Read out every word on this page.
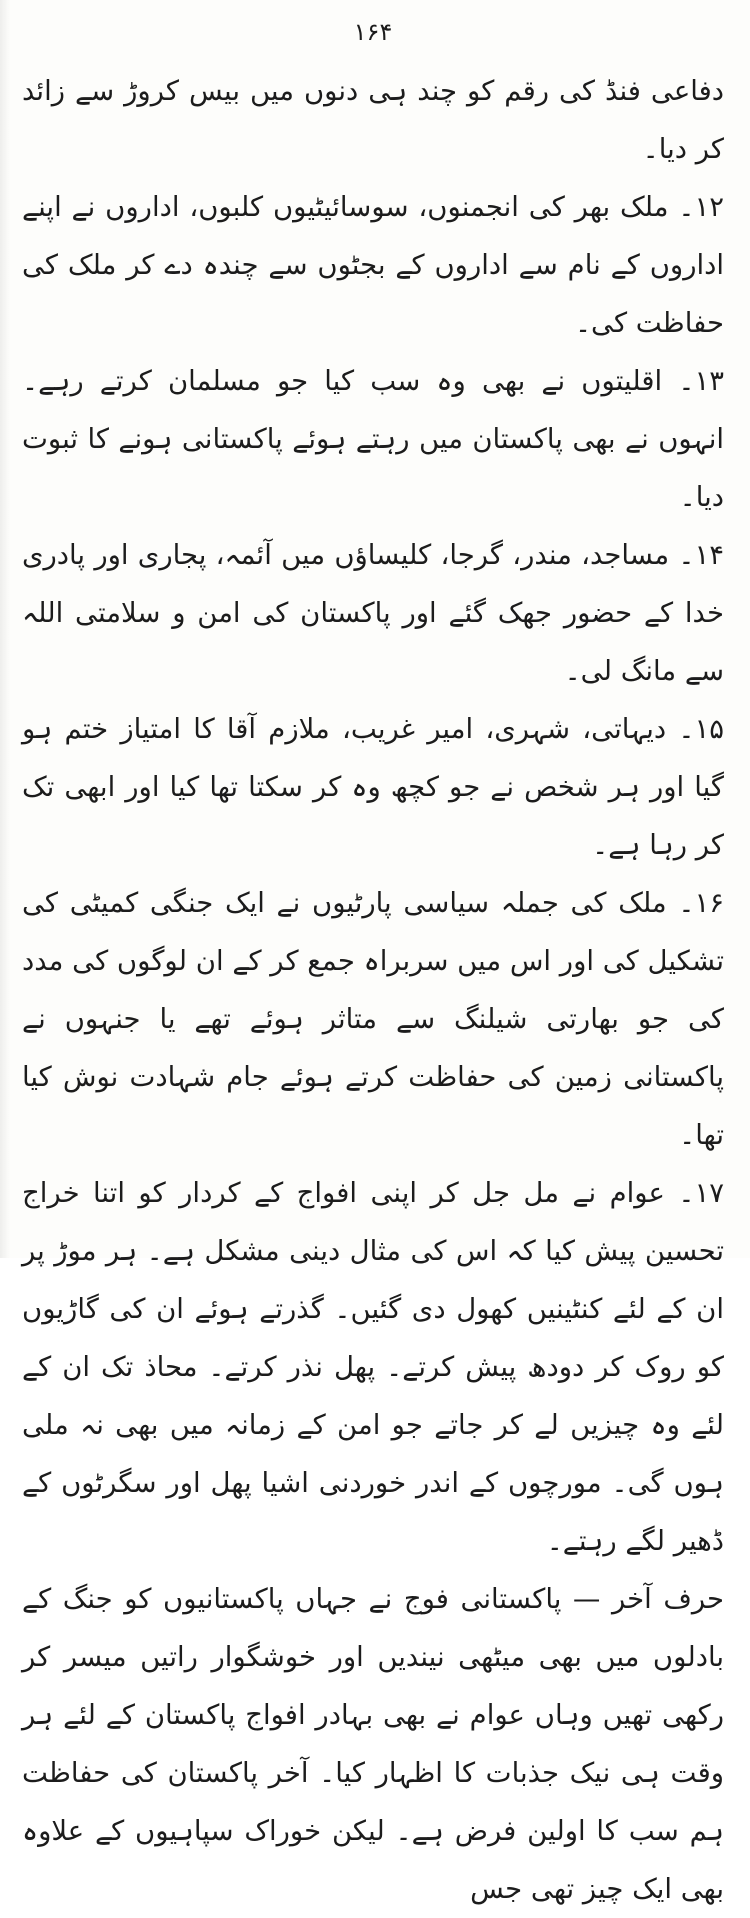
۱۶۴

دفاعی فنڈ کی رقم کو چند ہی دنوں میں بیس کروڑ سے زائد کر دیا۔

۱۲۔ ملک بھر کی انجمنوں، سوسائیٹیوں کلبوں، اداروں نے اپنے اداروں کے نام سے اداروں کے بجٹوں سے چندہ دے کر ملک کی حفاظت کی۔

۱۳۔ اقلیتوں نے بھی وہ سب کیا جو مسلمان کرتے رہے۔ انہوں نے بھی پاکستان میں رہتے ہوئے پاکستانی ہونے کا ثبوت دیا۔

۱۴۔ مساجد، مندر، گرجا، کلیساؤں میں آئمہ، پجاری اور پادری خدا کے حضور جھک گئے اور پاکستان کی امن و سلامتی اللہ سے مانگ لی۔

۱۵۔ دیہاتی، شہری، امیر غریب، ملازم آقا کا امتیاز ختم ہو گیا اور ہر شخص نے جو کچھ وہ کر سکتا تھا کیا اور ابھی تک کر رہا ہے۔

۱۶۔ ملک کی جملہ سیاسی پارٹیوں نے ایک جنگی کمیٹی کی تشکیل کی اور اس میں سربراہ جمع کر کے ان لوگوں کی مدد کی جو بھارتی شیلنگ سے متاثر ہوئے تھے یا جنہوں نے پاکستانی زمین کی حفاظت کرتے ہوئے جام شہادت نوش کیا تھا۔

۱۷۔ عوام نے مل جل کر اپنی افواج کے کردار کو اتنا خراج تحسین پیش کیا کہ اس کی مثال دینی مشکل ہے۔ ہر موڑ پر ان کے لئے کنٹینیں کھول دی گئیں۔ گذرتے ہوئے ان کی گاڑیوں کو روک کر دودھ پیش کرتے۔ پھل نذر کرتے۔ محاذ تک ان کے لئے وہ چیزیں لے کر جاتے جو امن کے زمانہ میں بھی نہ ملی ہوں گی۔ مورچوں کے اندر خوردنی اشیا پھل اور سگرٹوں کے ڈھیر لگے رہتے۔

حرف آخر — پاکستانی فوج نے جہاں پاکستانیوں کو جنگ کے بادلوں میں بھی میٹھی نیندیں اور خوشگوار راتیں میسر کر رکھی تھیں وہاں عوام نے بھی بہادر افواج پاکستان کے لئے ہر وقت ہی نیک جذبات کا اظہار کیا۔ آخر پاکستان کی حفاظت ہم سب کا اولین فرض ہے۔ لیکن خوراک سپاہیوں کے علاوہ بھی ایک چیز تھی جس
